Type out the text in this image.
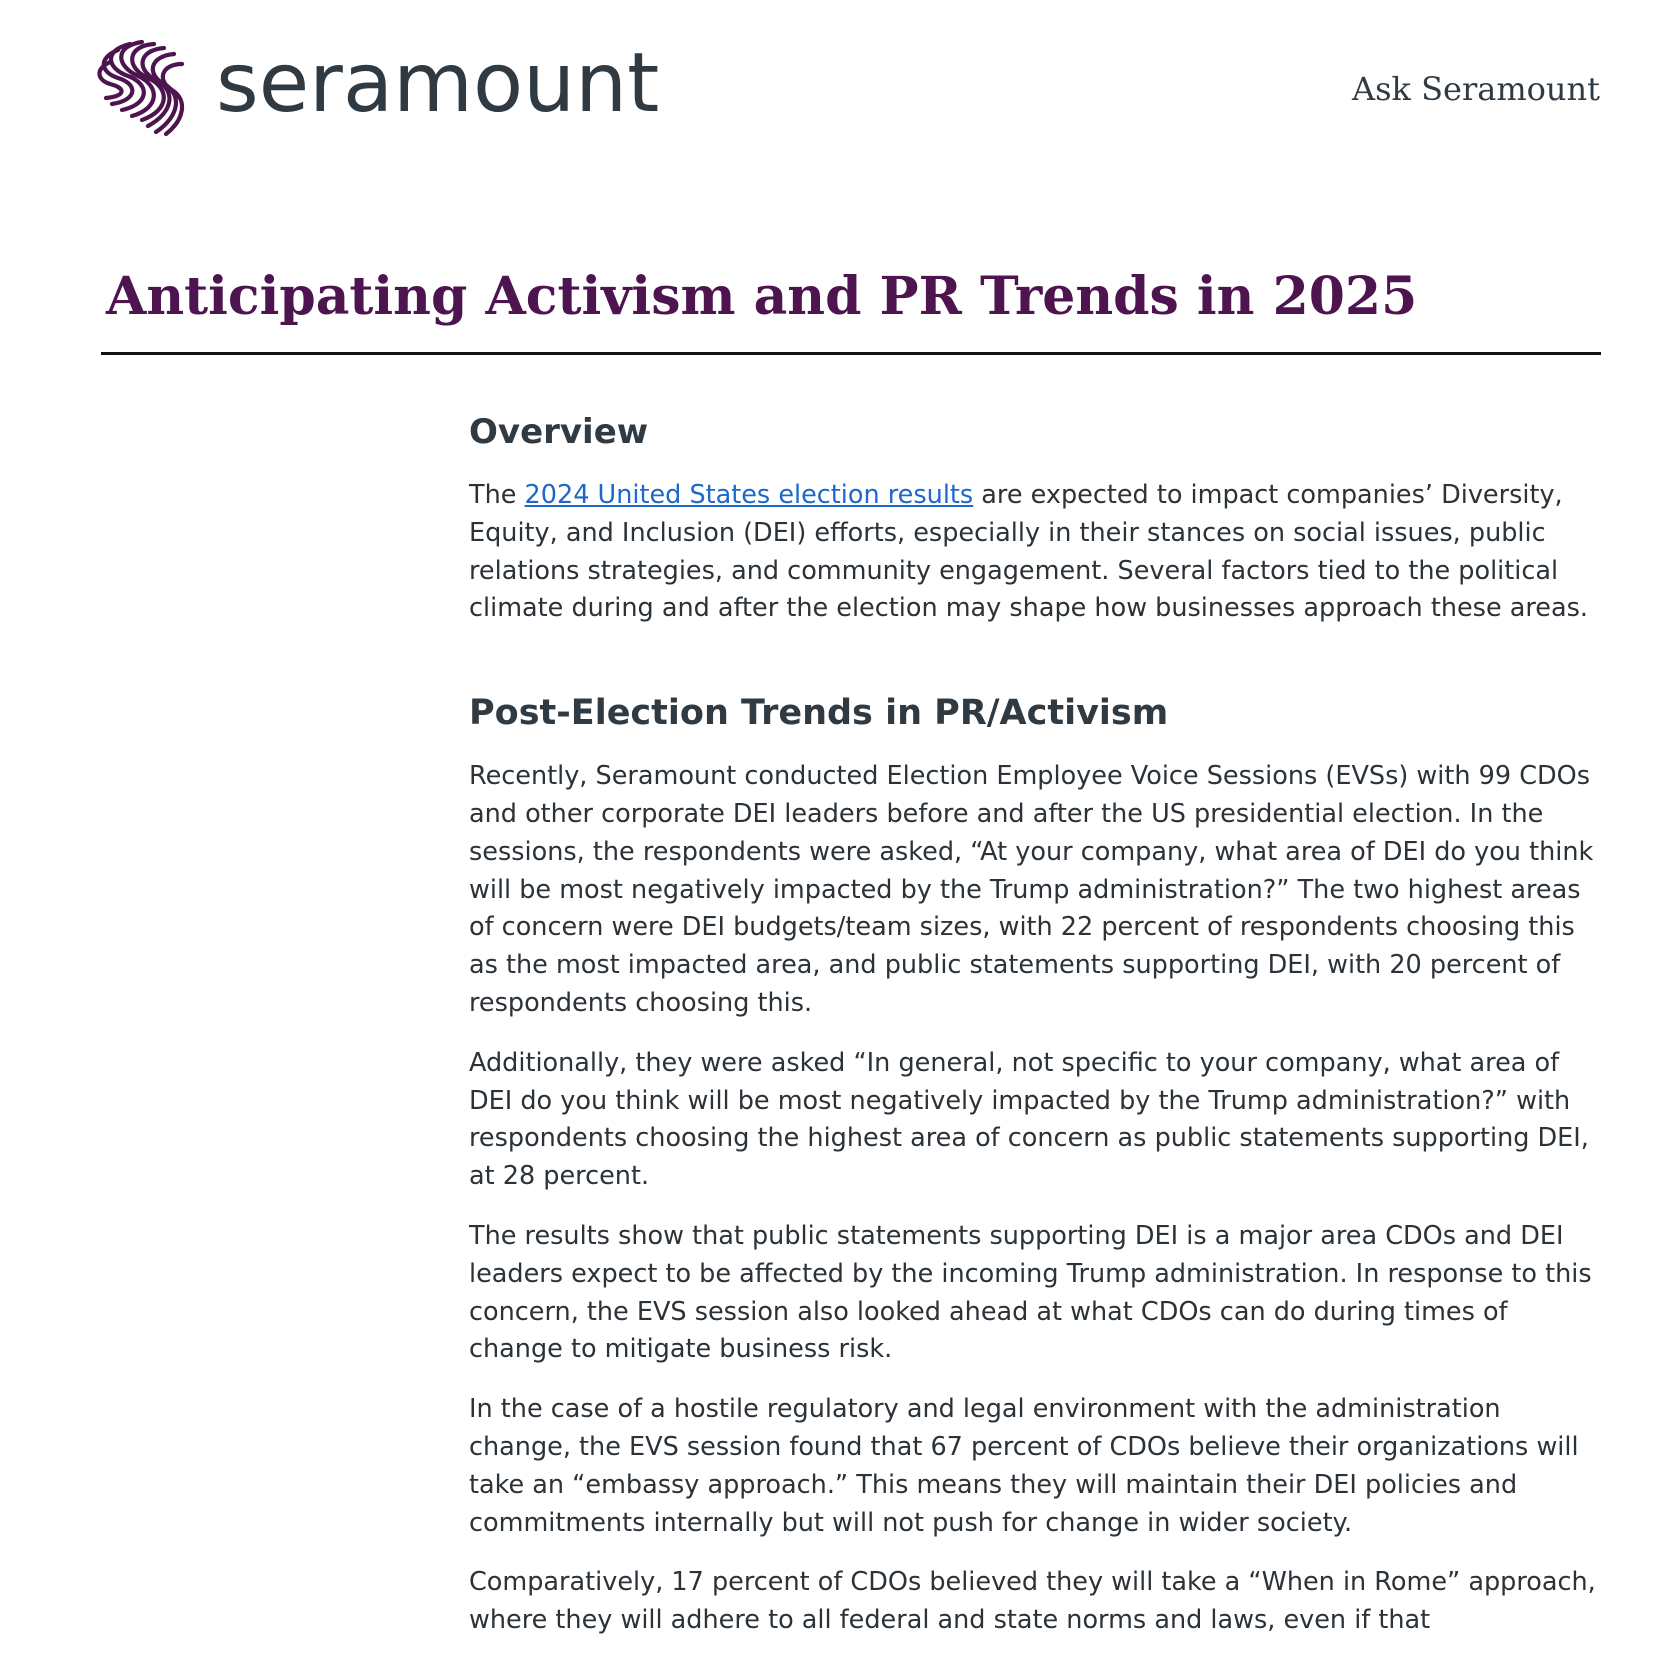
seramount	Ask Seramount
Anticipating Activism and PR Trends in 2025
Overview

The 2024 United States election results are expected to impact companies’ Diversity, Equity, and Inclusion (DEI) efforts, especially in their stances on social issues, public relations strategies, and community engagement. Several factors tied to the political climate during and after the election may shape how businesses approach these areas.

Post-Election Trends in PR/Activism

Recently, Seramount conducted Election Employee Voice Sessions (EVSs) with 99 CDOs and other corporate DEI leaders before and after the US presidential election. In the sessions, the respondents were asked, “At your company, what area of DEI do you think will be most negatively impacted by the Trump administration?” The two highest areas of concern were DEI budgets/team sizes, with 22 percent of respondents choosing this as the most impacted area, and public statements supporting DEI, with 20 percent of respondents choosing this.

Additionally, they were asked “In general, not specific to your company, what area of DEI do you think will be most negatively impacted by the Trump administration?” with respondents choosing the highest area of concern as public statements supporting DEI, at 28 percent.

The results show that public statements supporting DEI is a major area CDOs and DEI leaders expect to be affected by the incoming Trump administration. In response to this concern, the EVS session also looked ahead at what CDOs can do during times of change to mitigate business risk.

In the case of a hostile regulatory and legal environment with the administration change, the EVS session found that 67 percent of CDOs believe their organizations will take an “embassy approach.” This means they will maintain their DEI policies and commitments internally but will not push for change in wider society.

Comparatively, 17 percent of CDOs believed they will take a “When in Rome” approach, where they will adhere to all federal and state norms and laws, even if that
